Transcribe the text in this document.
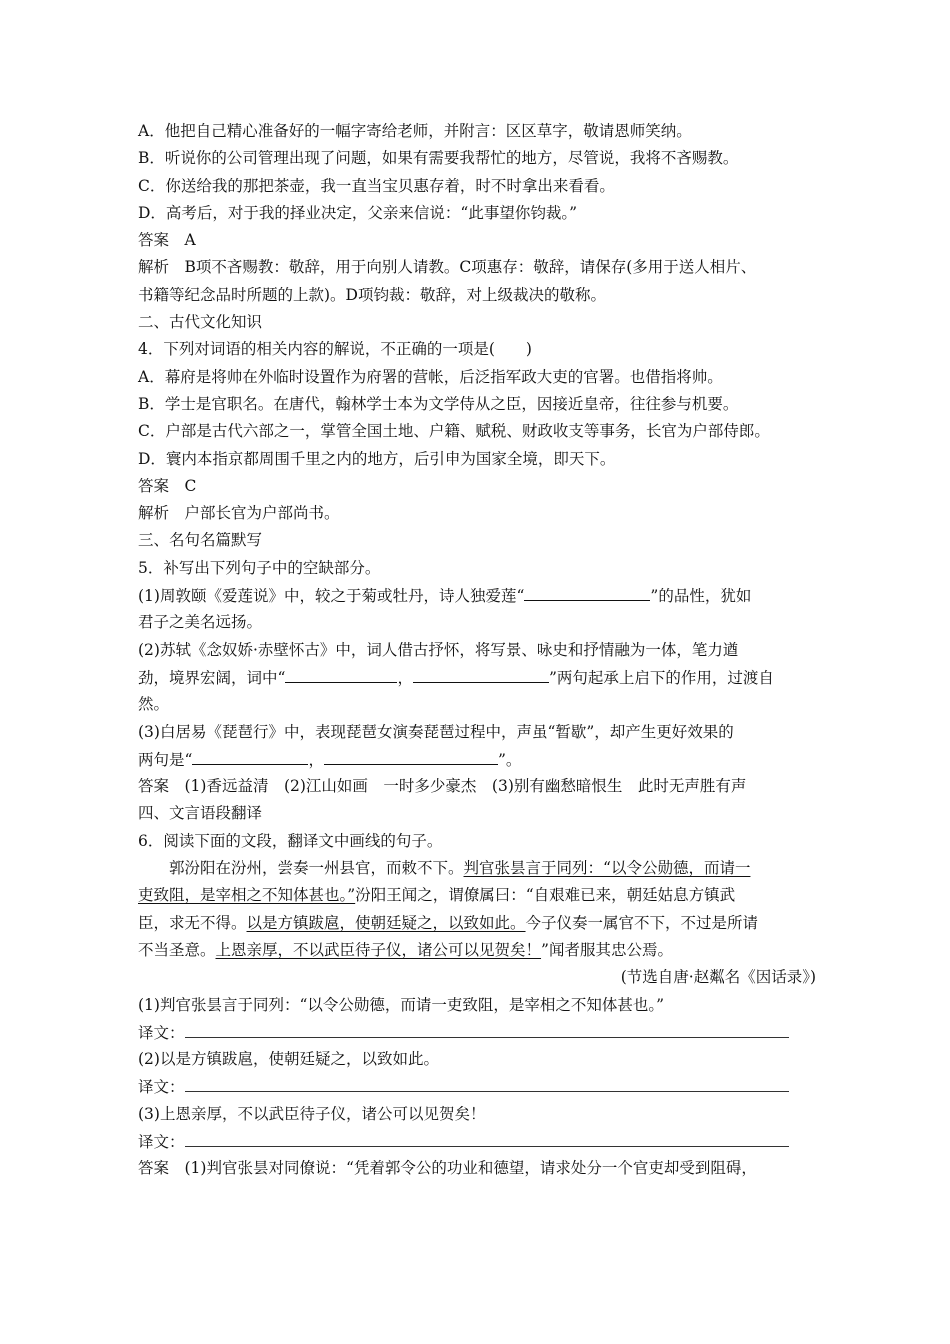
A．他把自己精心准备好的一幅字寄给老师，并附言：区区草字，敬请恩师笑纳。
B．听说你的公司管理出现了问题，如果有需要我帮忙的地方，尽管说，我将不吝赐教。
C．你送给我的那把茶壶，我一直当宝贝惠存着，时不时拿出来看看。
D．高考后，对于我的择业决定，父亲来信说：“此事望你钧裁。”
答案　A
解析　B项不吝赐教：敬辞，用于向别人请教。C项惠存：敬辞，请保存(多用于送人相片、
书籍等纪念品时所题的上款)。D项钧裁：敬辞，对上级裁决的敬称。
二、古代文化知识
4．下列对词语的相关内容的解说，不正确的一项是(　　)
A．幕府是将帅在外临时设置作为府署的营帐，后泛指军政大吏的官署。也借指将帅。
B．学士是官职名。在唐代，翰林学士本为文学侍从之臣，因接近皇帝，往往参与机要。
C．户部是古代六部之一，掌管全国土地、户籍、赋税、财政收支等事务，长官为户部侍郎。
D．寰内本指京都周围千里之内的地方，后引申为国家全境，即天下。
答案　C
解析　户部长官为户部尚书。
三、名句名篇默写
5．补写出下列句子中的空缺部分。
(1)周敦颐《爱莲说》中，较之于菊或牡丹，诗人独爱莲“	”的品性，犹如
君子之美名远扬。
(2)苏轼《念奴娇·赤壁怀古》中，词人借古抒怀，将写景、咏史和抒情融为一体，笔力遒
劲，境界宏阔，词中“	，	”两句起承上启下的作用，过渡自
然。
(3)白居易《琵琶行》中，表现琵琶女演奏琵琶过程中，声虽“暂歇”，却产生更好效果的
两句是“	，	”。
答案　(1)香远益清　(2)江山如画　一时多少豪杰　(3)别有幽愁暗恨生　此时无声胜有声
四、文言语段翻译
6．阅读下面的文段，翻译文中画线的句子。
郭汾阳在汾州，尝奏一州县官，而敕不下。判官张昙言于同列：“以令公勋德，而请一
吏致阻，是宰相之不知体甚也。”汾阳王闻之，谓僚属曰：“自艰难已来，朝廷姑息方镇武
臣，求无不得。以是方镇跋扈，使朝廷疑之，以致如此。今子仪奏一属官不下，不过是所请
不当圣意。上恩亲厚，不以武臣待子仪，诸公可以见贺矣！”闻者服其忠公焉。
(节选自唐·赵粼名《因话录》)
(1)判官张昙言于同列：“以令公勋德，而请一吏致阻，是宰相之不知体甚也。”
译文：
(2)以是方镇跋扈，使朝廷疑之，以致如此。
译文：
(3)上恩亲厚，不以武臣待子仪，诸公可以见贺矣！
译文：
答案　(1)判官张昙对同僚说：“凭着郭令公的功业和德望，请求处分一个官吏却受到阻碍，
